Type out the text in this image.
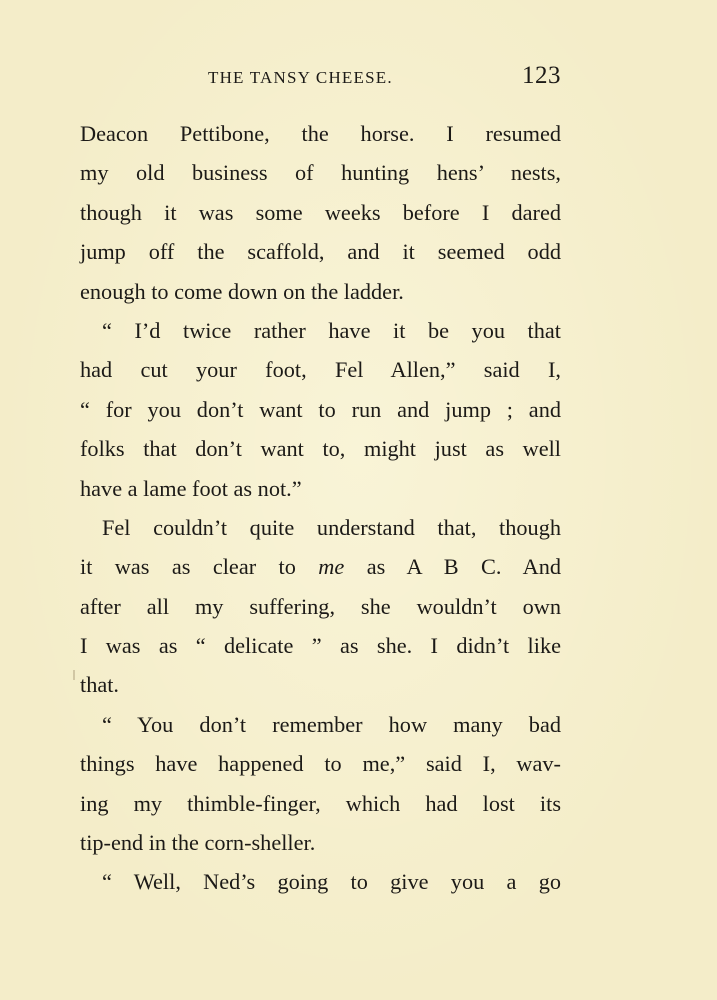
THE TANSY CHEESE.	123
Deacon Pettibone, the horse. I resumed
my old business of hunting hens’ nests,
though it was some weeks before I dared
jump off the scaffold, and it seemed odd
enough to come down on the ladder.
“ I’d twice rather have it be you that
had cut your foot, Fel Allen,” said I,
“ for you don’t want to run and jump ; and
folks that don’t want to, might just as well
have a lame foot as not.”
Fel couldn’t quite understand that, though
it was as clear to me as A B C. And
after all my suffering, she wouldn’t own
I was as “ delicate ” as she. I didn’t like
that.
“ You don’t remember how many bad
things have happened to me,” said I, wav-
ing my thimble-finger, which had lost its
tip-end in the corn-sheller.
“ Well, Ned’s going to give you a go
